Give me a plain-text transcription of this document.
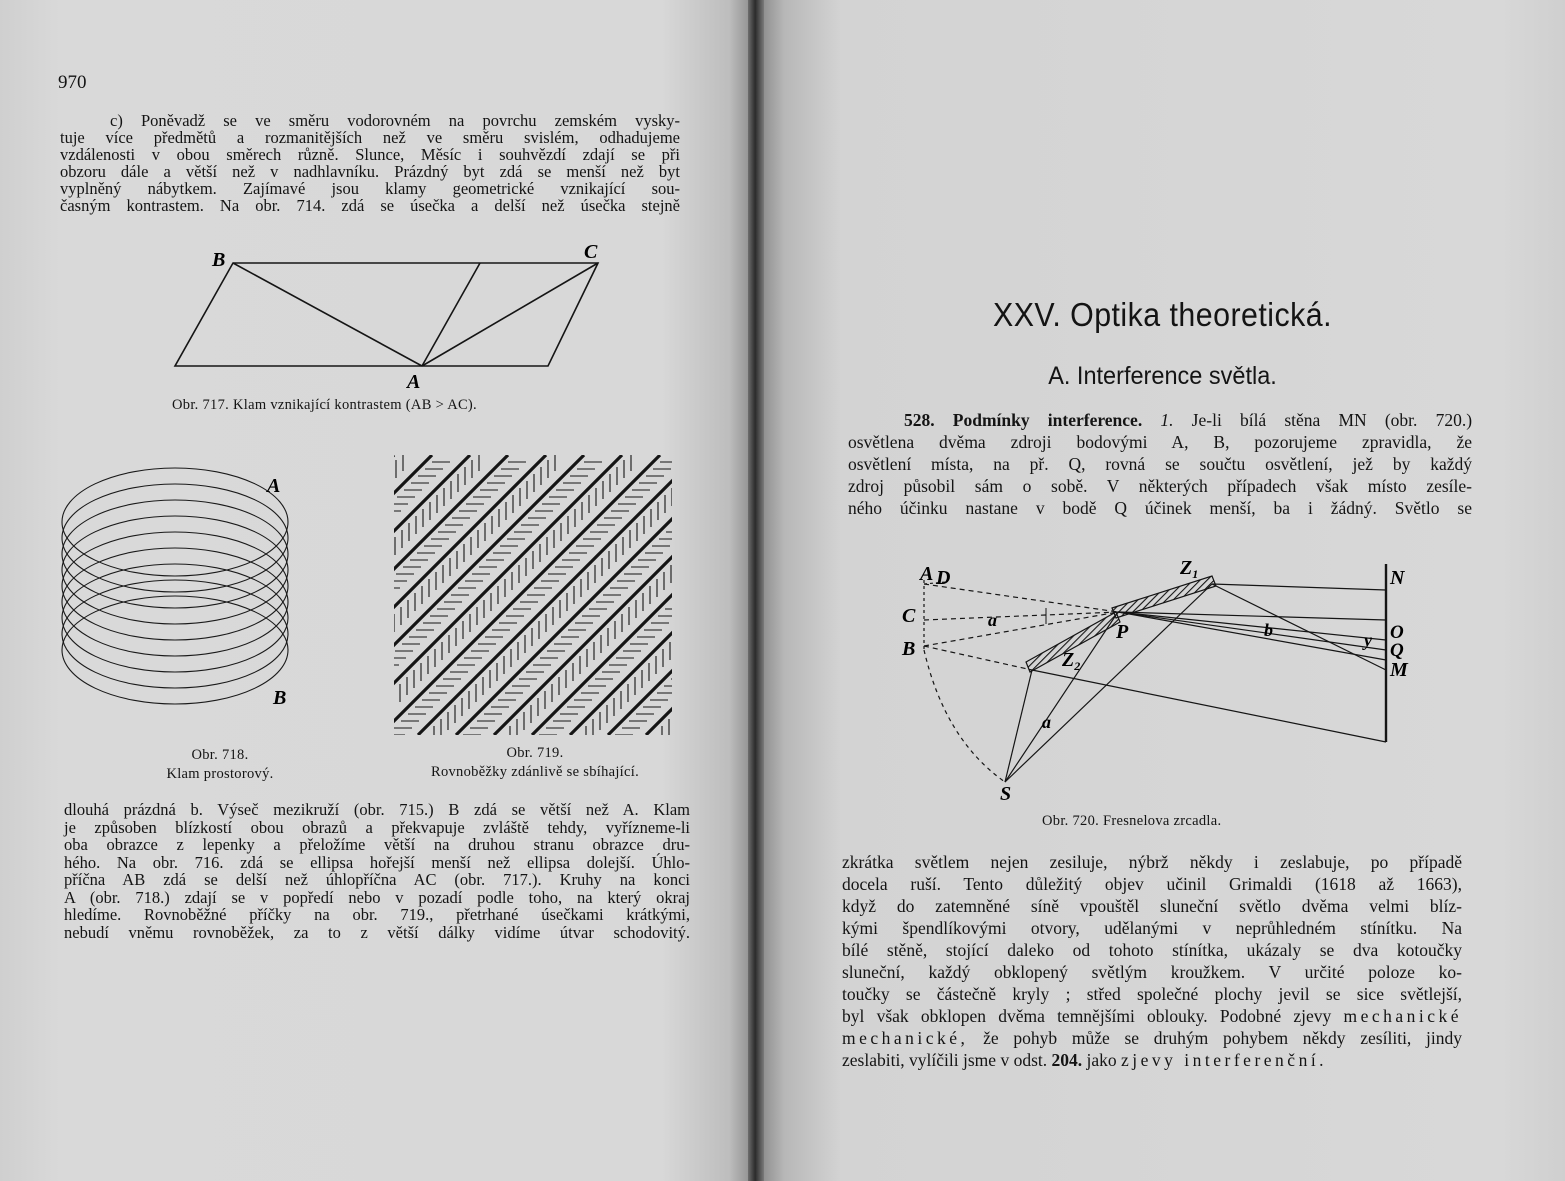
970
c) Poněvadž se ve směru vodorovném na povrchu zemském vysky-
tuje více předmětů a rozmanitějších než ve směru svislém, odhadujeme
vzdálenosti v obou směrech různě. Slunce, Měsíc i souhvězdí zdají se při
obzoru dále a větší než v nadhlavníku. Prázdný byt zdá se menší než byt
vyplněný nábytkem. Zajímavé jsou klamy geometrické vznikající sou-
časným kontrastem. Na obr. 714. zdá se úsečka a delší než úsečka stejně
B	C
A
Obr. 717. Klam vznikající kontrastem (AB > AC).
A
B
Obr. 718.
Klam prostorový.
Obr. 719.
Rovnoběžky zdánlivě se sbíhající.
dlouhá prázdná b. Výseč mezikruží (obr. 715.) B zdá se větší než A. Klam
je způsoben blízkostí obou obrazů a překvapuje zvláště tehdy, vyřízneme-li
oba obrazce z lepenky a přeložíme větší na druhou stranu obrazce dru-
hého. Na obr. 716. zdá se ellipsa hořejší menší než ellipsa dolejší. Úhlo-
příčna AB zdá se delší než úhlopříčna AC (obr. 717.). Kruhy na konci
A (obr. 718.) zdají se v popředí nebo v pozadí podle toho, na který okraj
hledíme. Rovnoběžné příčky na obr. 719., přetrhané úsečkami krátkými,
nebudí vněmu rovnoběžek, za to z větší dálky vidíme útvar schodovitý.
XXV. Optika theoretická.
A. Interference světla.
528. Podmínky interference. 1. Je-li bílá stěna MN (obr. 720.)
osvětlena dvěma zdroji bodovými A, B, pozorujeme zpravidla, že
osvětlení místa, na př. Q, rovná se součtu osvětlení, jež by každý
zdroj působil sám o sobě. V některých případech však místo zesíle-
ného účinku nastane v bodě Q účinek menší, ba i žádný. Světlo se
A D
C
B
$Z_1$
$Z_2$
P
a
a
b	y O
Q
N
M
S
Obr. 720. Fresnelova zrcadla.
zkrátka světlem nejen zesiluje, nýbrž někdy i zeslabuje, po případě
docela ruší. Tento důležitý objev učinil Grimaldi (1618 až 1663),
když do zatemněné síně vpouštěl sluneční světlo dvěma velmi blíz-
kými špendlíkovými otvory, udělanými v neprůhledném stínítku. Na
bílé stěně, stojící daleko od tohoto stínítka, ukázaly se dva kotoučky
sluneční, každý obklopený světlým kroužkem. V určité poloze ko-
toučky se částečně kryly ; střed společné plochy jevil se sice světlejší,
byl však obklopen dvěma temnějšími oblouky. Podobné zjevy mechanické
mechanické, že pohyb může se druhým pohybem někdy zesíliti, jindy
zeslabiti, vylíčili jsme v odst. 204. jako zjevy interferenční.
